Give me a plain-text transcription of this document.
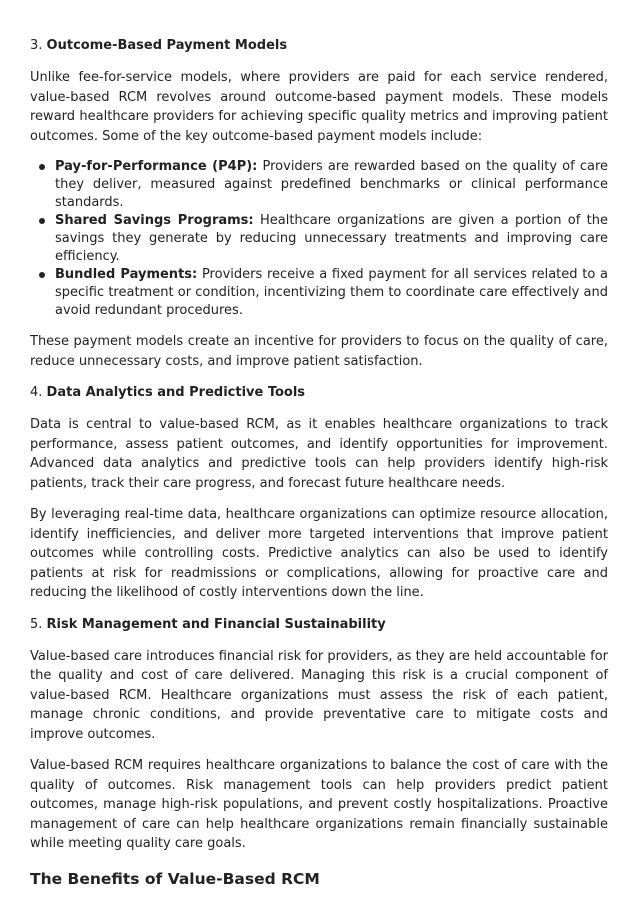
3. Outcome-Based Payment Models

Unlike fee-for-service models, where providers are paid for each service rendered, value-based RCM revolves around outcome-based payment models. These models reward healthcare providers for achieving specific quality metrics and improving patient outcomes. Some of the key outcome-based payment models include:

Pay-for-Performance (P4P): Providers are rewarded based on the quality of care they deliver, measured against predefined benchmarks or clinical performance standards.
Shared Savings Programs: Healthcare organizations are given a portion of the savings they generate by reducing unnecessary treatments and improving care efficiency.
Bundled Payments: Providers receive a fixed payment for all services related to a specific treatment or condition, incentivizing them to coordinate care effectively and avoid redundant procedures.

These payment models create an incentive for providers to focus on the quality of care, reduce unnecessary costs, and improve patient satisfaction.

4. Data Analytics and Predictive Tools

Data is central to value-based RCM, as it enables healthcare organizations to track performance, assess patient outcomes, and identify opportunities for improvement. Advanced data analytics and predictive tools can help providers identify high-risk patients, track their care progress, and forecast future healthcare needs.

By leveraging real-time data, healthcare organizations can optimize resource allocation, identify inefficiencies, and deliver more targeted interventions that improve patient outcomes while controlling costs. Predictive analytics can also be used to identify patients at risk for readmissions or complications, allowing for proactive care and reducing the likelihood of costly interventions down the line.

5. Risk Management and Financial Sustainability

Value-based care introduces financial risk for providers, as they are held accountable for the quality and cost of care delivered. Managing this risk is a crucial component of value-based RCM. Healthcare organizations must assess the risk of each patient, manage chronic conditions, and provide preventative care to mitigate costs and improve outcomes.

Value-based RCM requires healthcare organizations to balance the cost of care with the quality of outcomes. Risk management tools can help providers predict patient outcomes, manage high-risk populations, and prevent costly hospitalizations. Proactive management of care can help healthcare organizations remain financially sustainable while meeting quality care goals.

The Benefits of Value-Based RCM
